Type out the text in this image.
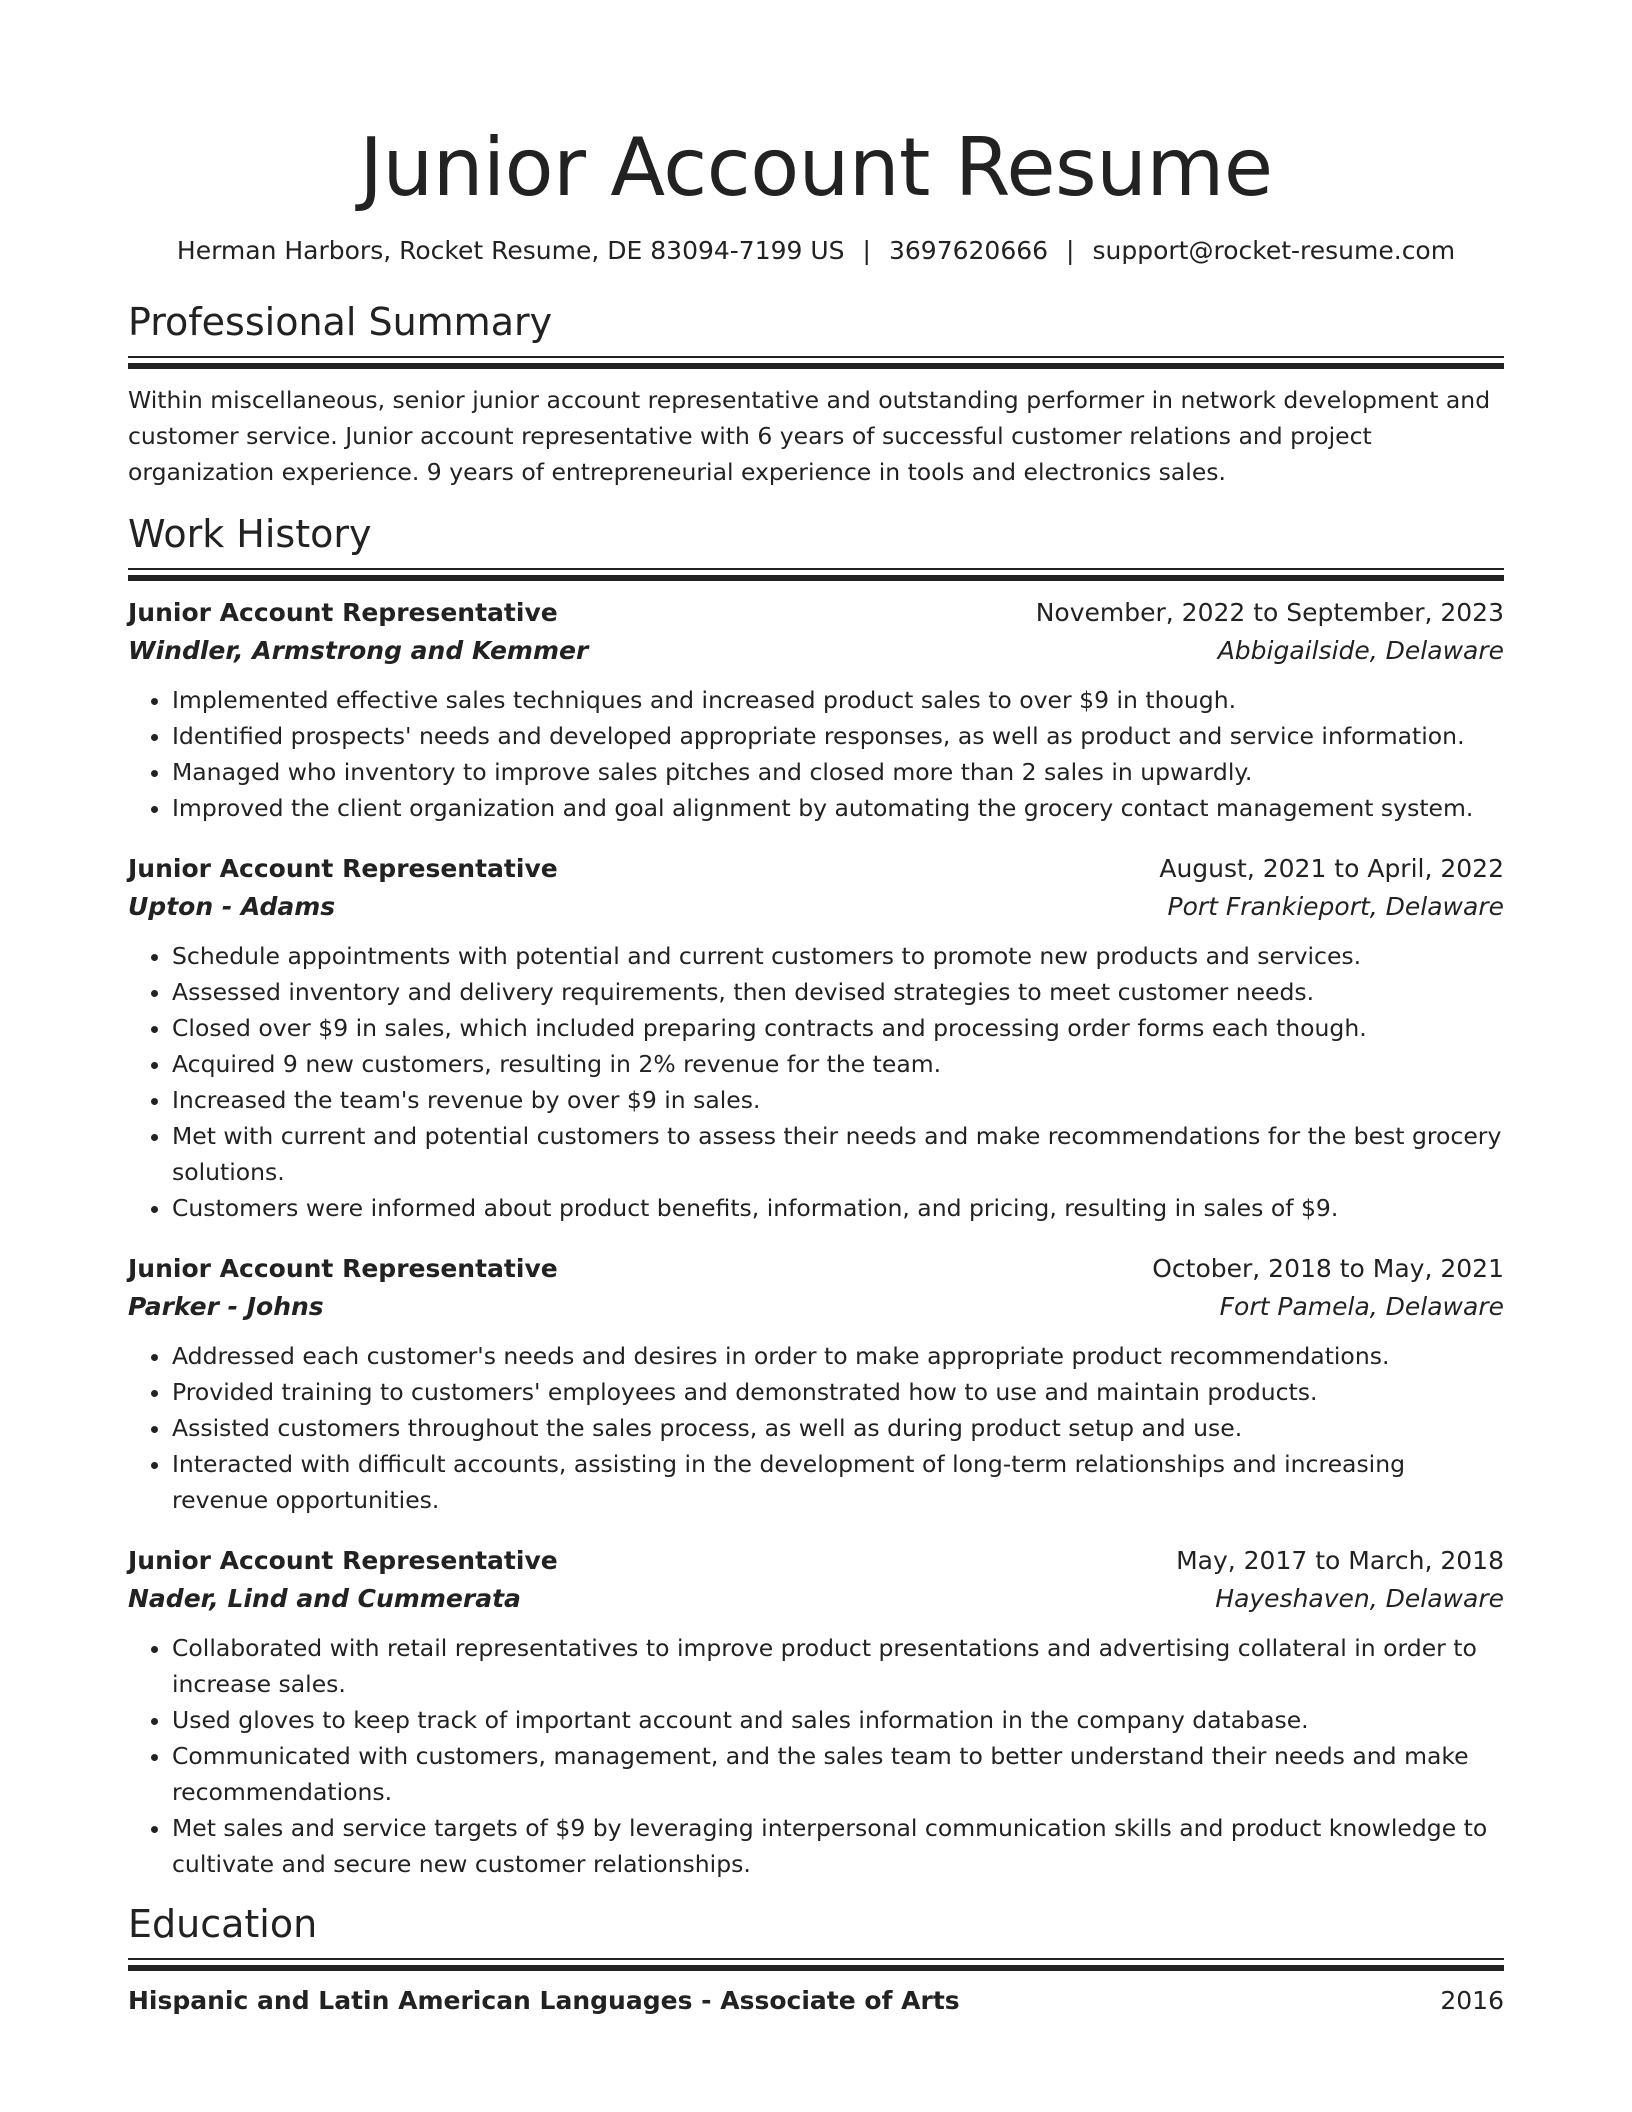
Junior Account Resume
Herman Harbors, Rocket Resume, DE 83094-7199 US | 3697620666 | support@rocket-resume.com
Professional Summary
Within miscellaneous, senior junior account representative and outstanding performer in network development and customer service. Junior account representative with 6 years of successful customer relations and project organization experience. 9 years of entrepreneurial experience in tools and electronics sales.
Work History
Junior Account Representative	November, 2022 to September, 2023
Windler, Armstrong and Kemmer	Abbigailside, Delaware
• Implemented effective sales techniques and increased product sales to over $9 in though.
• Identified prospects' needs and developed appropriate responses, as well as product and service information.
• Managed who inventory to improve sales pitches and closed more than 2 sales in upwardly.
• Improved the client organization and goal alignment by automating the grocery contact management system.
Junior Account Representative	August, 2021 to April, 2022
Upton - Adams	Port Frankieport, Delaware
• Schedule appointments with potential and current customers to promote new products and services.
• Assessed inventory and delivery requirements, then devised strategies to meet customer needs.
• Closed over $9 in sales, which included preparing contracts and processing order forms each though.
• Acquired 9 new customers, resulting in 2% revenue for the team.
• Increased the team's revenue by over $9 in sales.
• Met with current and potential customers to assess their needs and make recommendations for the best grocery solutions.
• Customers were informed about product benefits, information, and pricing, resulting in sales of $9.
Junior Account Representative	October, 2018 to May, 2021
Parker - Johns	Fort Pamela, Delaware
• Addressed each customer's needs and desires in order to make appropriate product recommendations.
• Provided training to customers' employees and demonstrated how to use and maintain products.
• Assisted customers throughout the sales process, as well as during product setup and use.
• Interacted with difficult accounts, assisting in the development of long-term relationships and increasing revenue opportunities.
Junior Account Representative	May, 2017 to March, 2018
Nader, Lind and Cummerata	Hayeshaven, Delaware
• Collaborated with retail representatives to improve product presentations and advertising collateral in order to increase sales.
• Used gloves to keep track of important account and sales information in the company database.
• Communicated with customers, management, and the sales team to better understand their needs and make recommendations.
• Met sales and service targets of $9 by leveraging interpersonal communication skills and product knowledge to cultivate and secure new customer relationships.
Education
Hispanic and Latin American Languages - Associate of Arts	2016
